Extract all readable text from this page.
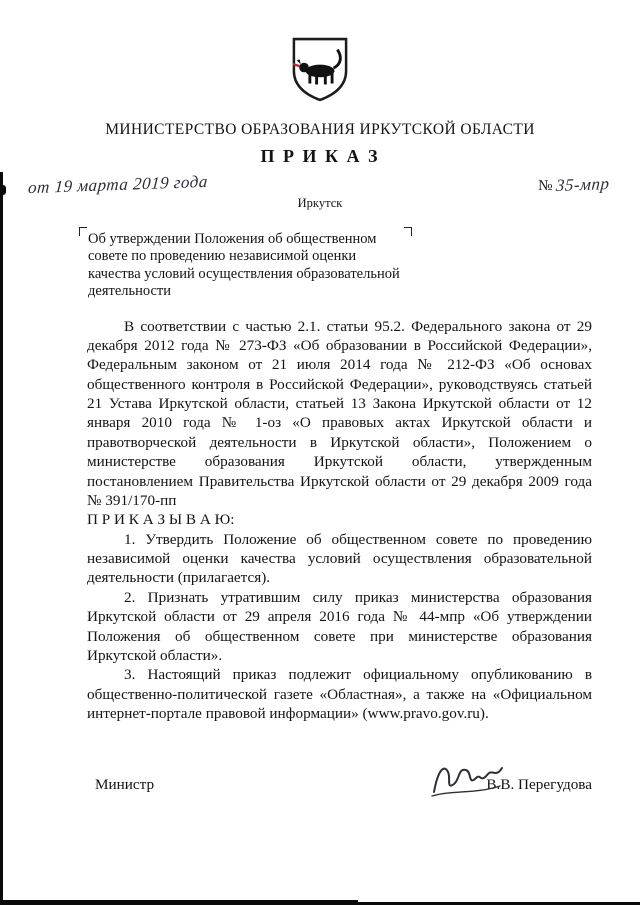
МИНИСТЕРСТВО ОБРАЗОВАНИЯ ИРКУТСКОЙ ОБЛАСТИ
П Р И К А З
от 19 марта 2019 года	№ 35-мпр
Иркутск
Об утверждении Положения об общественном совете по проведению независимой оценки качества условий осуществления образовательной деятельности

В соответствии с частью 2.1. статьи 95.2. Федерального закона от 29 декабря 2012 года № 273-ФЗ «Об образовании в Российской Федерации», Федеральным законом от 21 июля 2014 года № 212-ФЗ «Об основах общественного контроля в Российской Федерации», руководствуясь статьей 21 Устава Иркутской области, статьей 13 Закона Иркутской области от 12 января 2010 года № 1-оз «О правовых актах Иркутской области и правотворческой деятельности в Иркутской области», Положением о министерстве образования Иркутской области, утвержденным постановлением Правительства Иркутской области от 29 декабря 2009 года № 391/170-пп

П Р И К А З Ы В А Ю:

1. Утвердить Положение об общественном совете по проведению независимой оценки качества условий осуществления образовательной деятельности (прилагается).

2. Признать утратившим силу приказ министерства образования Иркутской области от 29 апреля 2016 года № 44-мпр «Об утверждении Положения об общественном совете при министерстве образования Иркутской области».

3. Настоящий приказ подлежит официальному опубликованию в общественно-политической газете «Областная», а также на «Официальном интернет-портале правовой информации» (www.pravo.gov.ru).

Министр	В.В. Перегудова
